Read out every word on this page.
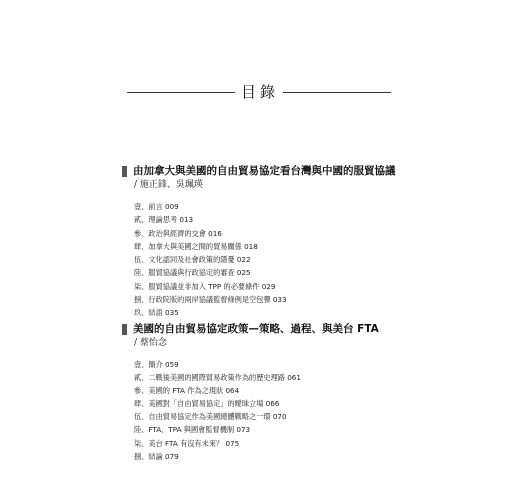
目錄
由加拿大與美國的自由貿易協定看台灣與中國的服貿協議
/ 施正鋒、吳珮瑛
壹、前言 009
貳、理論思考 013
參、政治與經濟的交會 016
肆、加拿大與美國之間的貿易關係 018
伍、文化認同及社會政策的隱憂 022
陸、服貿協議與行政協定的審查 025
柒、服貿協議並非加入 TPP 的必要條件 029
捌、行政院版的兩岸協議監督條例是空包彈 033
玖、結語 035
美國的自由貿易協定政策—策略、過程、與美台 FTA
/ 蔡怡念
壹、簡介 059
貳、二戰後美國的國際貿易政策作為的歷史理路 061
參、美國的 FTA 作為之現狀 064
肆、美國對「自由貿易協定」的曖昧立場 066
伍、自由貿易協定作為美國總體戰略之一環 070
陸、FTA、TPA 與國會監督機制 073
柒、美台 FTA 有沒有未來？ 075
捌、結論 079
